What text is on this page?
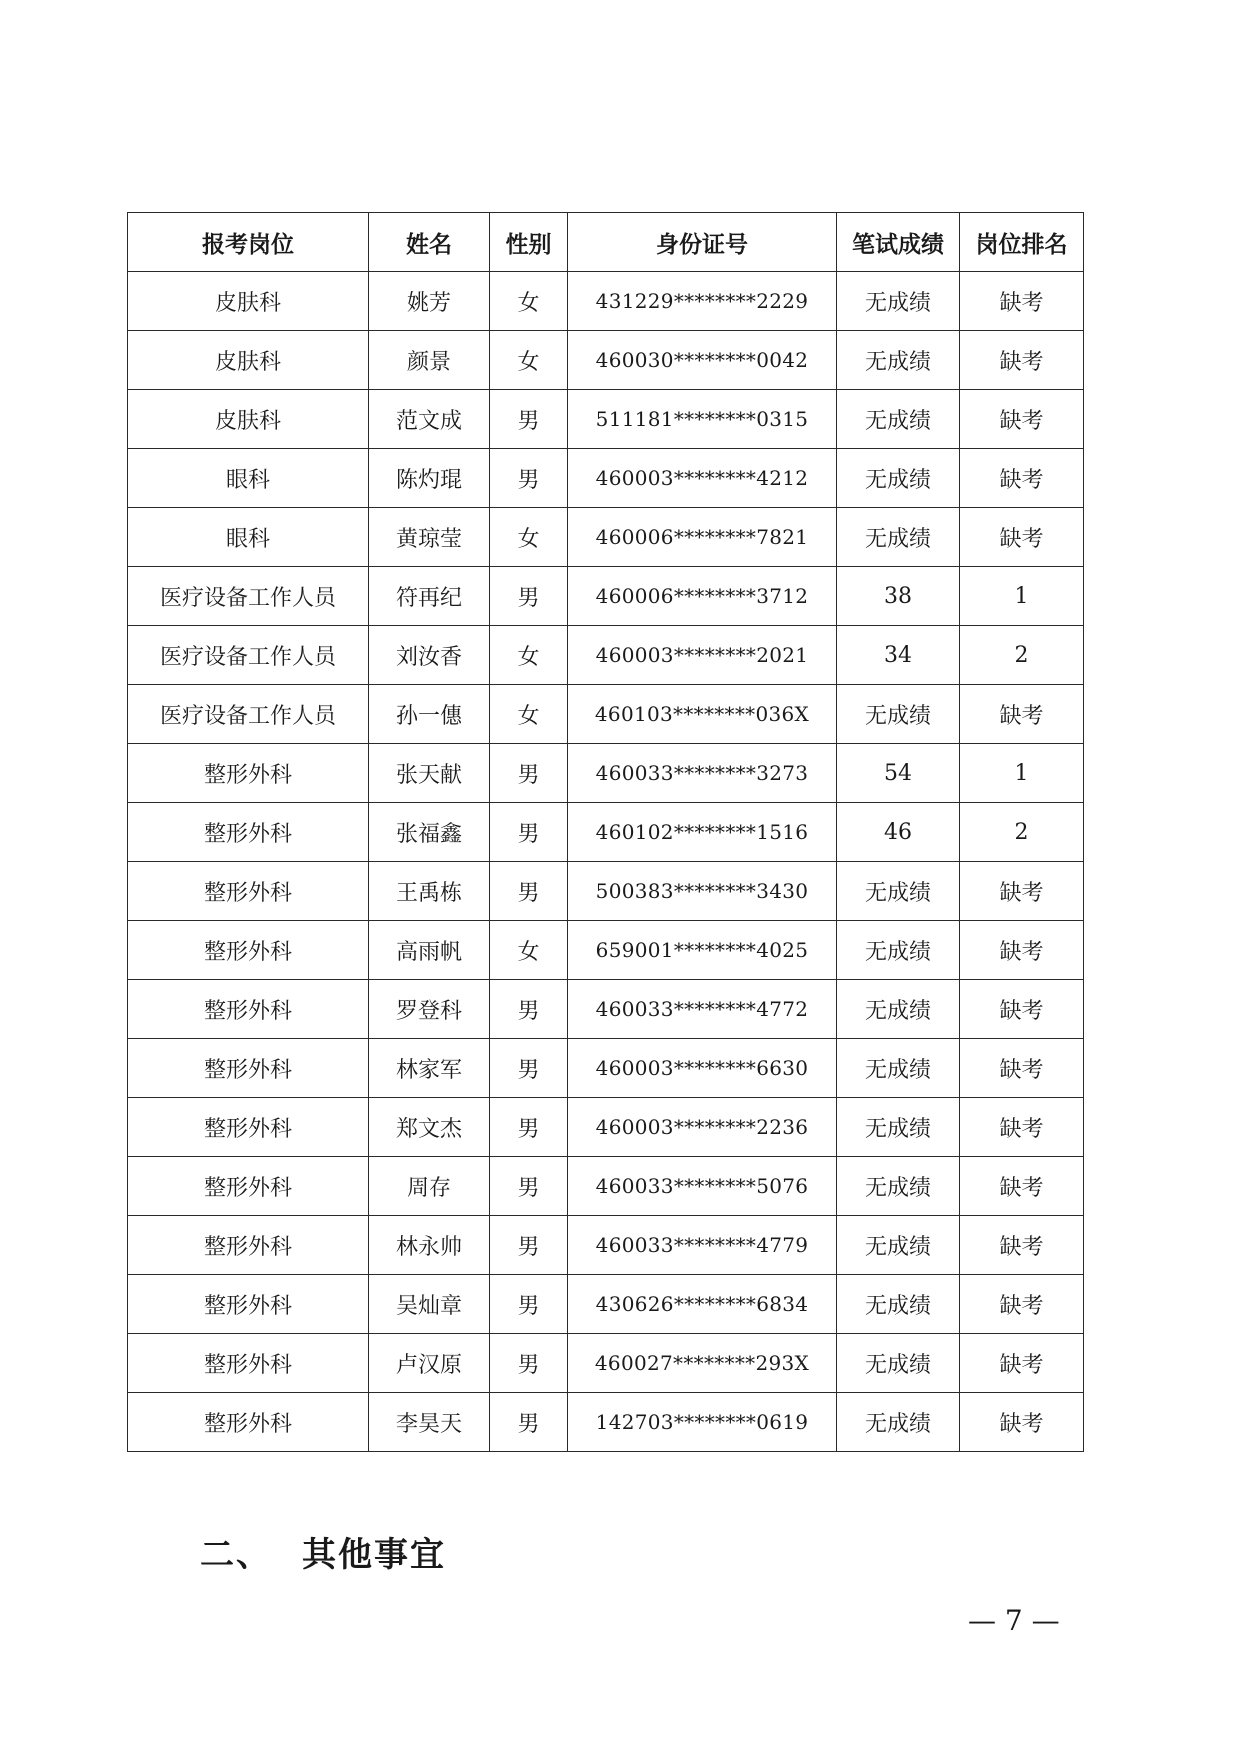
报考岗位	姓名	性别	身份证号	笔试成绩	岗位排名
皮肤科	姚芳	女	431229********2229	无成绩	缺考
皮肤科	颜景	女	460030********0042	无成绩	缺考
皮肤科	范文成	男	511181********0315	无成绩	缺考
眼科	陈灼琨	男	460003********4212	无成绩	缺考
眼科	黄琼莹	女	460006********7821	无成绩	缺考
医疗设备工作人员	符再纪	男	460006********3712	38	1
医疗设备工作人员	刘汝香	女	460003********2021	34	2
医疗设备工作人员	孙一僡	女	460103********036X	无成绩	缺考
整形外科	张天献	男	460033********3273	54	1
整形外科	张福鑫	男	460102********1516	46	2
整形外科	王禹栋	男	500383********3430	无成绩	缺考
整形外科	高雨帆	女	659001********4025	无成绩	缺考
整形外科	罗登科	男	460033********4772	无成绩	缺考
整形外科	林家军	男	460003********6630	无成绩	缺考
整形外科	郑文杰	男	460003********2236	无成绩	缺考
整形外科	周存	男	460033********5076	无成绩	缺考
整形外科	林永帅	男	460033********4779	无成绩	缺考
整形外科	吴灿章	男	430626********6834	无成绩	缺考
整形外科	卢汉原	男	460027********293X	无成绩	缺考
整形外科	李昊天	男	142703********0619	无成绩	缺考
二、 其他事宜
— 7 —
